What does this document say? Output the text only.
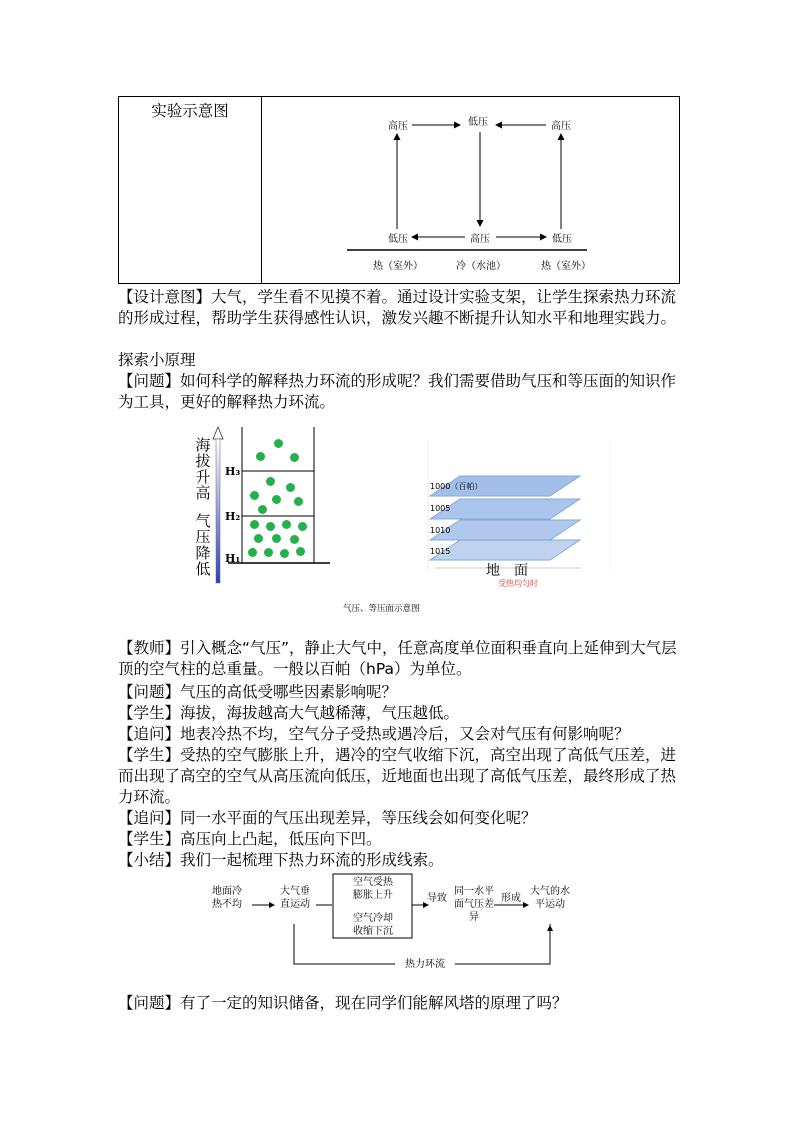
实验示意图

高压	低压	高压
低压	高压	低压
热（室外）	冷（水池）	热（室外）

【设计意图】大气，学生看不见摸不着。通过设计实验支架，让学生探索热力环流的形成过程，帮助学生获得感性认识，激发兴趣不断提升认知水平和地理实践力。

探索小原理

【问题】如何科学的解释热力环流的形成呢？我们需要借助气压和等压面的知识作为工具，更好的解释热力环流。

海拔升高
气压降低
H₃
H₂
H₁
1000（百帕）
1005
1010
1015
地　面
受热均匀时
气压、等压面示意图

【教师】引入概念“气压”，静止大气中，任意高度单位面积垂直向上延伸到大气层顶的空气柱的总重量。一般以百帕（hPa）为单位。

【问题】气压的高低受哪些因素影响呢？

【学生】海拔，海拔越高大气越稀薄，气压越低。

【追问】地表冷热不均，空气分子受热或遇冷后，又会对气压有何影响呢？

【学生】受热的空气膨胀上升，遇冷的空气收缩下沉，高空出现了高低气压差，进而出现了高空的空气从高压流向低压，近地面也出现了高低气压差，最终形成了热力环流。

【追问】同一水平面的气压出现差异，等压线会如何变化呢？

【学生】高压向上凸起，低压向下凹。

【小结】我们一起梳理下热力环流的形成线索。

地面冷热不均
大气垂直运动
空气受热膨胀上升
空气冷却收缩下沉
导致
同一水平面气压差异
形成
大气的水平运动
热力环流

【问题】有了一定的知识储备，现在同学们能解风塔的原理了吗？
